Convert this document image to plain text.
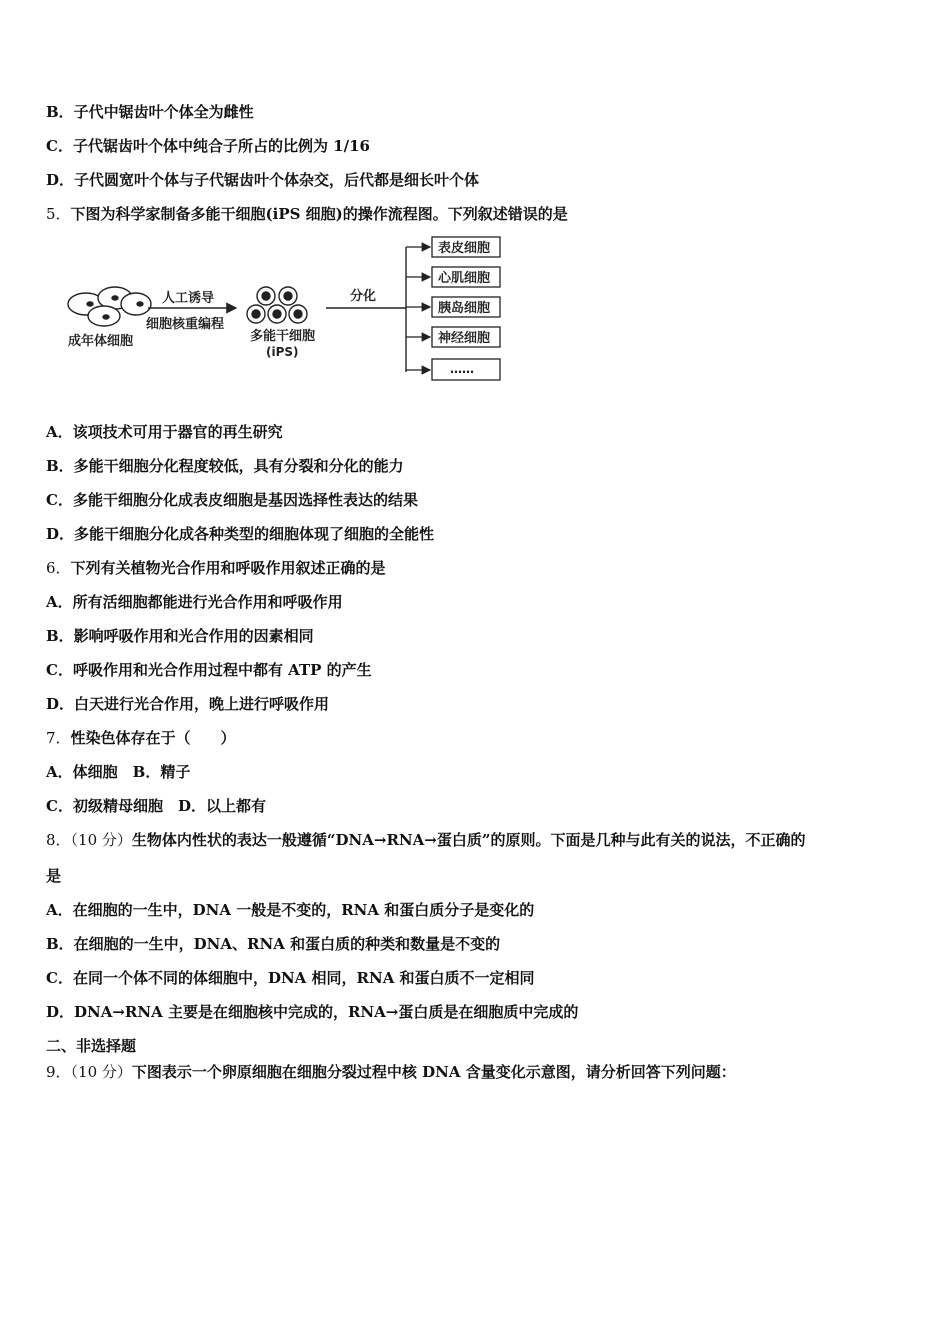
B．子代中锯齿叶个体全为雌性
C．子代锯齿叶个体中纯合子所占的比例为 1/16
D．子代圆宽叶个体与子代锯齿叶个体杂交，后代都是细长叶个体
5．下图为科学家制备多能干细胞(iPS 细胞)的操作流程图。下列叙述错误的是
成年体细胞
人工诱导
细胞核重编程
多能干细胞
(iPS)
分化
表皮细胞
心肌细胞
胰岛细胞
神经细胞
……
A．该项技术可用于器官的再生研究
B．多能干细胞分化程度较低，具有分裂和分化的能力
C．多能干细胞分化成表皮细胞是基因选择性表达的结果
D．多能干细胞分化成各种类型的细胞体现了细胞的全能性
6．下列有关植物光合作用和呼吸作用叙述正确的是
A．所有活细胞都能进行光合作用和呼吸作用
B．影响呼吸作用和光合作用的因素相同
C．呼吸作用和光合作用过程中都有 ATP 的产生
D．白天进行光合作用，晚上进行呼吸作用
7．性染色体存在于（　　）
A．体细胞　B．精子
C．初级精母细胞　D．以上都有
8．（10 分）生物体内性状的表达一般遵循“DNA→RNA→蛋白质”的原则。下面是几种与此有关的说法，不正确的
是
A．在细胞的一生中，DNA 一般是不变的，RNA 和蛋白质分子是变化的
B．在细胞的一生中，DNA、RNA 和蛋白质的种类和数量是不变的
C．在同一个体不同的体细胞中，DNA 相同，RNA 和蛋白质不一定相同
D．DNA→RNA 主要是在细胞核中完成的，RNA→蛋白质是在细胞质中完成的
二、非选择题
9．（10 分）下图表示一个卵原细胞在细胞分裂过程中核 DNA 含量变化示意图，请分析回答下列问题：
